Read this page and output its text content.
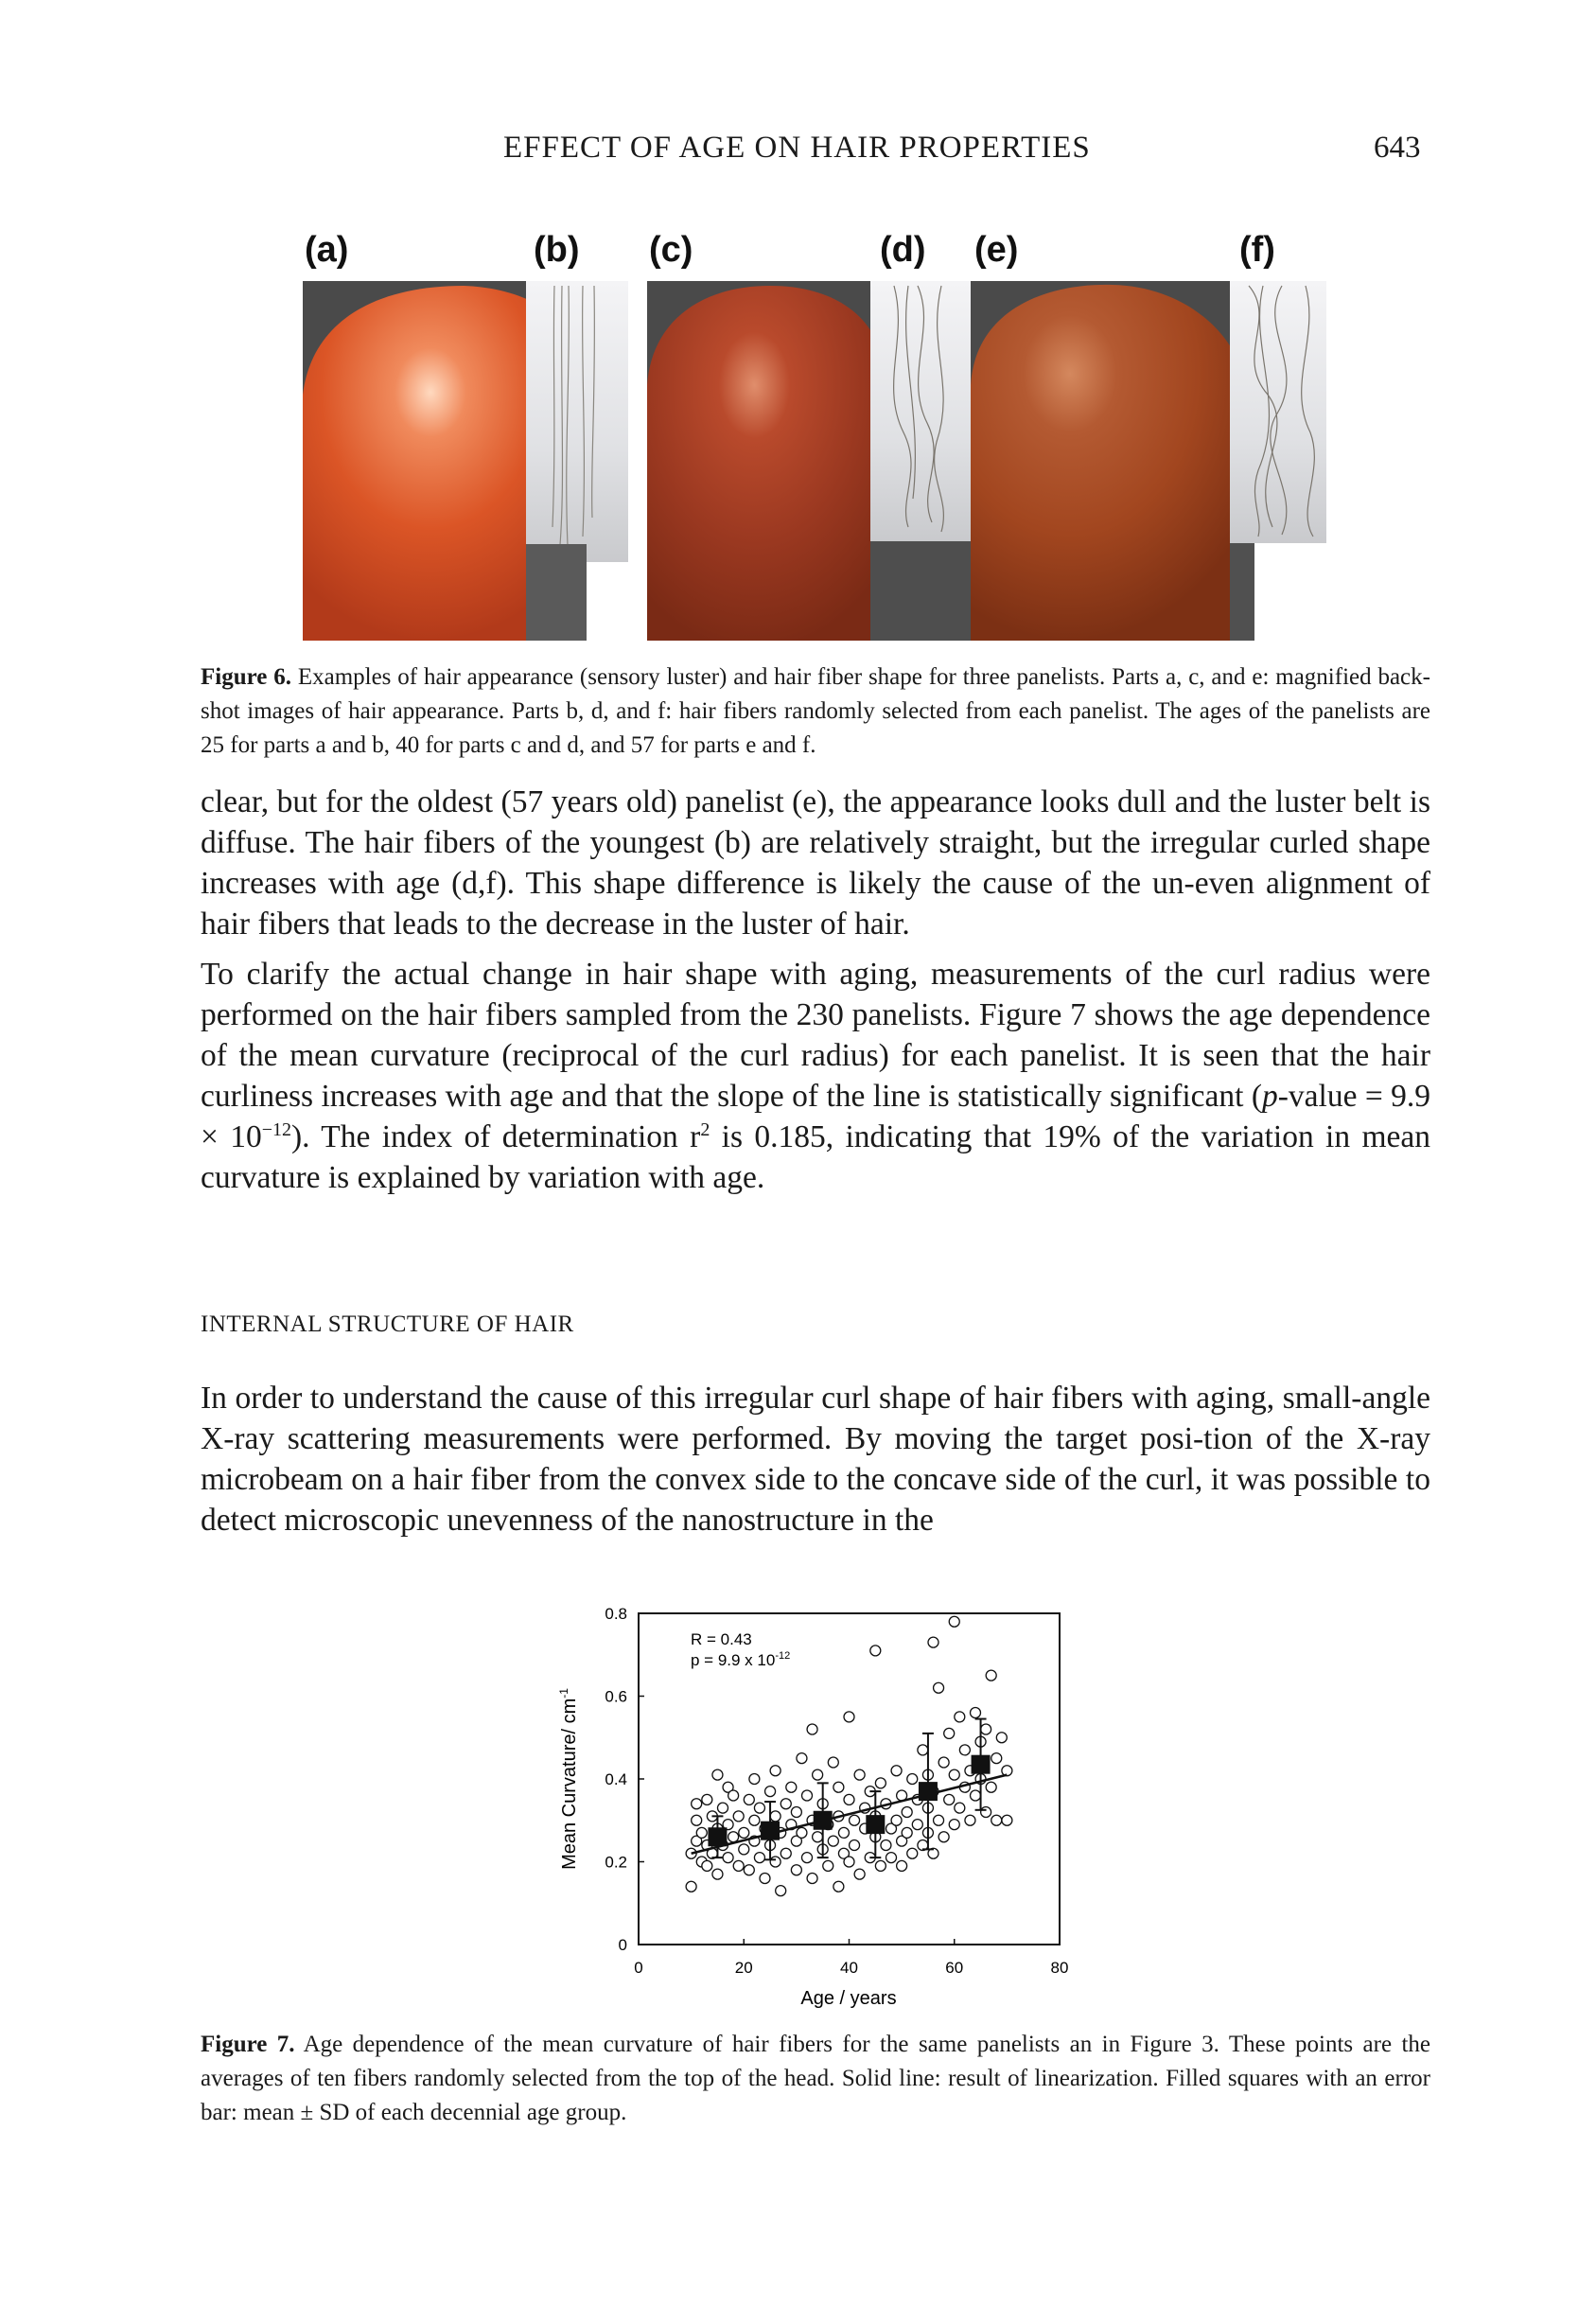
EFFECT OF AGE ON HAIR PROPERTIES	643
(a)	(b) (c)	(d) (e)	(f)
Figure 6. Examples of hair appearance (sensory luster) and hair fiber shape for three panelists. Parts a, c, and e: magnified back-shot images of hair appearance. Parts b, d, and f: hair fibers randomly selected from each panelist. The ages of the panelists are 25 for parts a and b, 40 for parts c and d, and 57 for parts e and f.

clear, but for the oldest (57 years old) panelist (e), the appearance looks dull and the luster belt is diffuse. The hair fibers of the youngest (b) are relatively straight, but the irregular curled shape increases with age (d,f). This shape difference is likely the cause of the un-even alignment of hair fibers that leads to the decrease in the luster of hair.

To clarify the actual change in hair shape with aging, measurements of the curl radius were performed on the hair fibers sampled from the 230 panelists. Figure 7 shows the age dependence of the mean curvature (reciprocal of the curl radius) for each panelist. It is seen that the hair curliness increases with age and that the slope of the line is statistically significant (p-value = $9.9 \times 10^{-12}$). The index of determination $r^2$ is 0.185, indicating that 19% of the variation in mean curvature is explained by variation with age.

INTERNAL STRUCTURE OF HAIR

In order to understand the cause of this irregular curl shape of hair fibers with aging, small-angle X-ray scattering measurements were performed. By moving the target posi-tion of the X-ray microbeam on a hair fiber from the convex side to the concave side of the curl, it was possible to detect microscopic unevenness of the nanostructure in the

0	20	40	60	80
0
0.2
0.4
0.6
0.8
R = 0.43
p = 9.9 x $10^{-12}$
Age / years
Mean Curvature/ $cm^{-1}$
Figure 7. Age dependence of the mean curvature of hair fibers for the same panelists an in Figure 3. These points are the averages of ten fibers randomly selected from the top of the head. Solid line: result of linearization. Filled squares with an error bar: mean ± SD of each decennial age group.
